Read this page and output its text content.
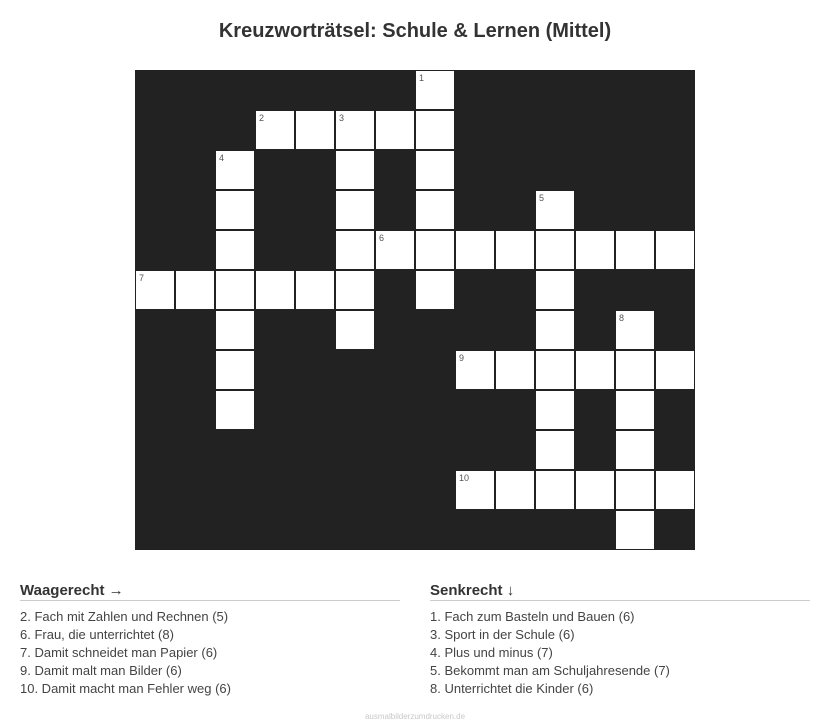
Kreuzworträtsel: Schule & Lernen (Mittel)
1
2	3
4
5
6
7
8
9
10
Waagerecht →
2. Fach mit Zahlen und Rechnen (5)
6. Frau, die unterrichtet (8)
7. Damit schneidet man Papier (6)
9. Damit malt man Bilder (6)
10. Damit macht man Fehler weg (6)
Senkrecht ↓
1. Fach zum Basteln und Bauen (6)
3. Sport in der Schule (6)
4. Plus und minus (7)
5. Bekommt man am Schuljahresende (7)
8. Unterrichtet die Kinder (6)
ausmalbilderzumdrucken.de
